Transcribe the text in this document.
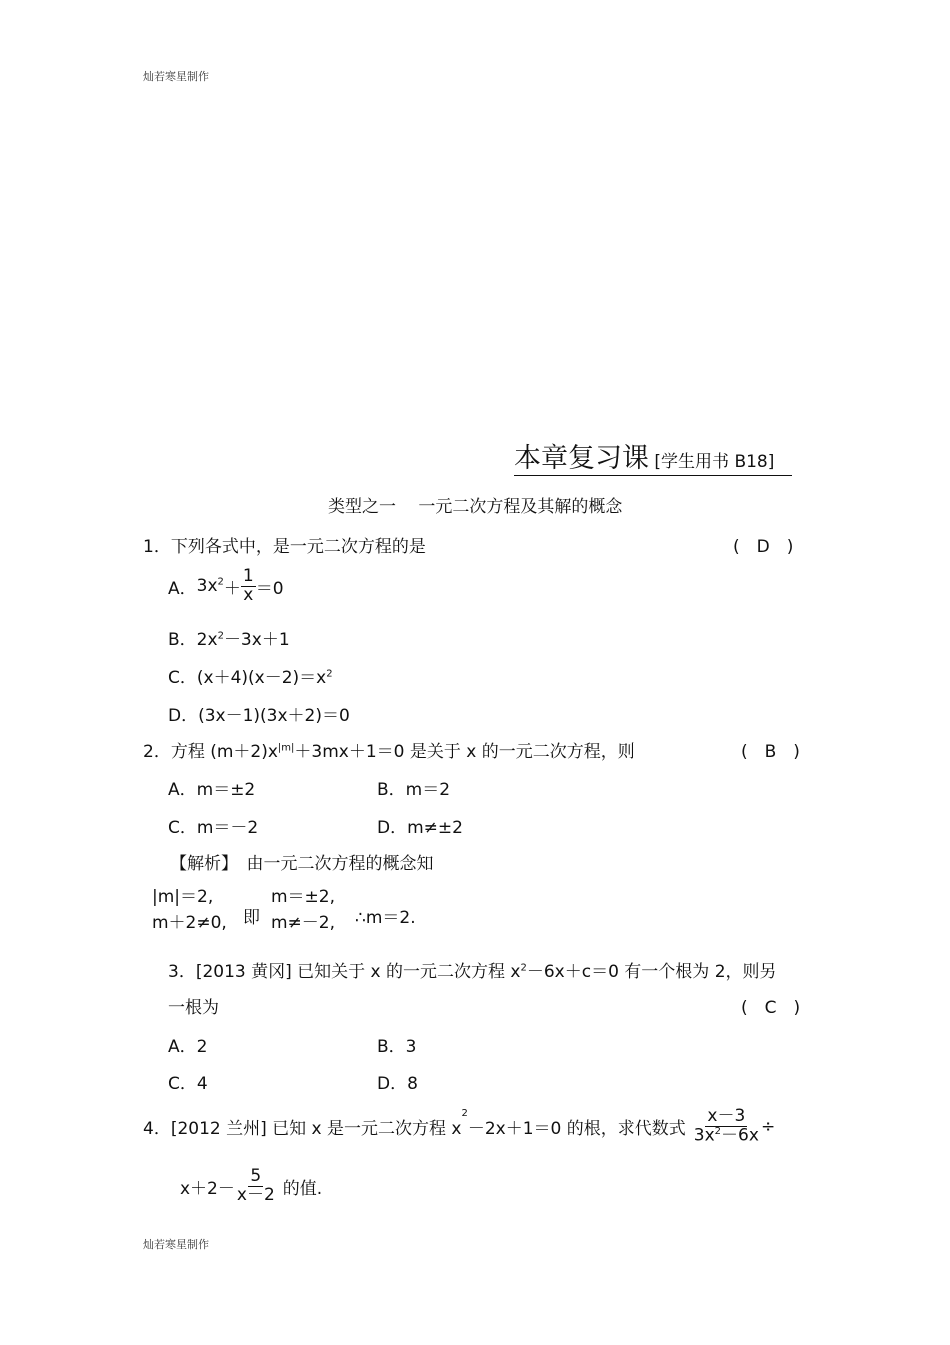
灿若寒星制作
灿若寒星制作
本章复习课 [学生用书 B18]
类型之一　 一元二次方程及其解的概念
1．下列各式中，是一元二次方程的是	(　D　)
A． $3x^2 + \frac{1}{x} =0$
B．$2x^2-3x+1$
C．$(x+4)(x-2)=x^2$
D．(3x－1)(3x＋2)＝0
2．方程 $(m+2)x^{|m|}+3mx+1=0$ 是关于 x 的一元二次方程，则	(　B　)
A．m＝±2	B．m＝2
C．m＝－2	D．m≠±2
【解析】　由一元二次方程的概念知
|m|＝2,
m＋2≠0, 即
m＝±2,
m≠－2, ∴m＝2.
3．[2013 黄冈] 已知关于 x 的一元二次方程 $x^2-6x+c=0$ 有一个根为 2，则另
一根为	(　C　)
A．2	B．3
C．4	D．8
4．[2012 兰州] 已知 x 是一元二次方程 x
$^2$
－2x＋1＝0 的根，求代数式 $\frac{x-3}{3x^2-6x}$ ÷
$x+2- \frac{5}{x-2}$ 的值.
